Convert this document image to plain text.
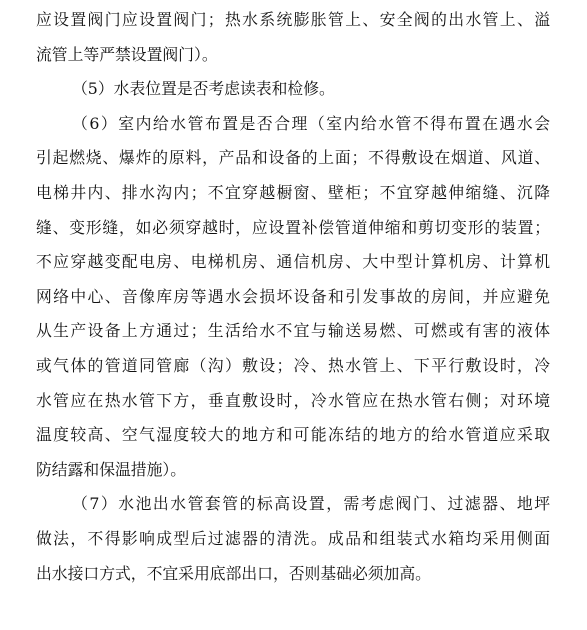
应设置阀门应设置阀门；热水系统膨胀管上、安全阀的出水管上、溢
流管上等严禁设置阀门）。
（5）水表位置是否考虑读表和检修。
（6）室内给水管布置是否合理（室内给水管不得布置在遇水会
引起燃烧、爆炸的原料，产品和设备的上面；不得敷设在烟道、风道、
电梯井内、排水沟内；不宜穿越橱窗、壁柜；不宜穿越伸缩缝、沉降
缝、变形缝，如必须穿越时，应设置补偿管道伸缩和剪切变形的装置；
不应穿越变配电房、电梯机房、通信机房、大中型计算机房、计算机
网络中心、音像库房等遇水会损坏设备和引发事故的房间，并应避免
从生产设备上方通过；生活给水不宜与输送易燃、可燃或有害的液体
或气体的管道同管廊（沟）敷设；冷、热水管上、下平行敷设时，冷
水管应在热水管下方，垂直敷设时，冷水管应在热水管右侧；对环境
温度较高、空气湿度较大的地方和可能冻结的地方的给水管道应采取
防结露和保温措施）。
（7）水池出水管套管的标高设置，需考虑阀门、过滤器、地坪
做法，不得影响成型后过滤器的清洗。成品和组装式水箱均采用侧面
出水接口方式，不宜采用底部出口，否则基础必须加高。
